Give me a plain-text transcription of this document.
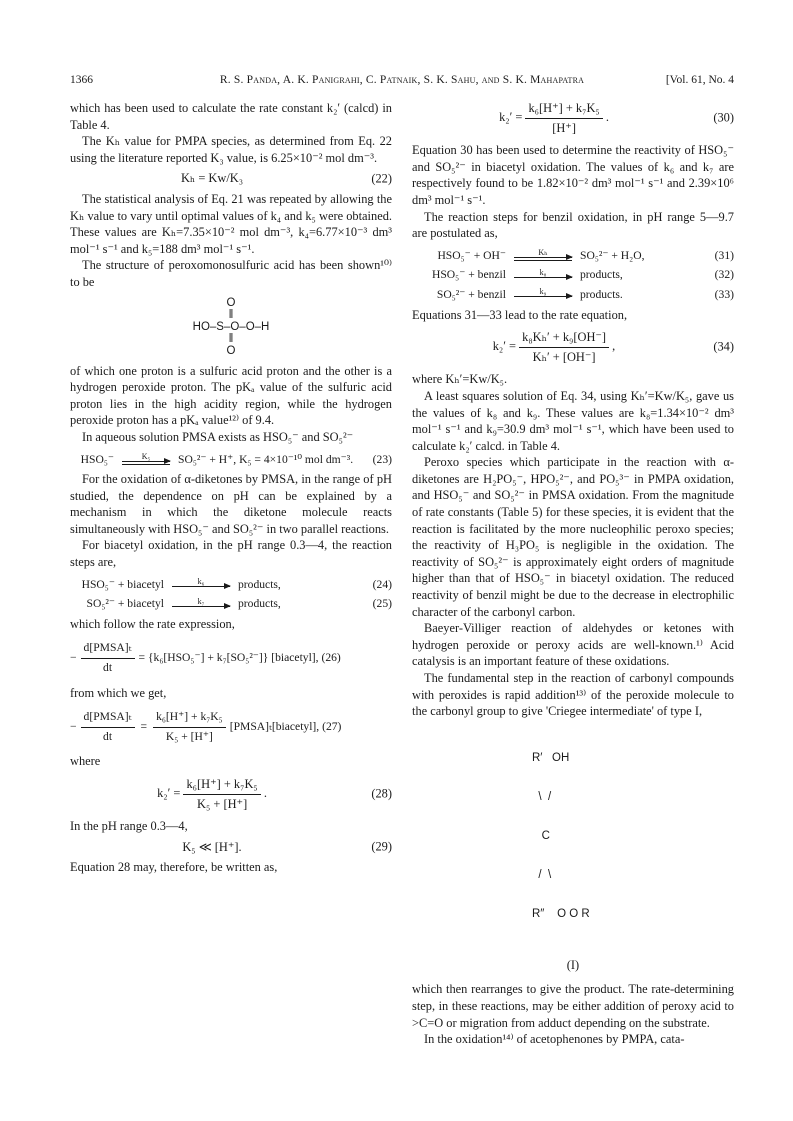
1366	R. S. Panda, A. K. Panigrahi, C. Patnaik, S. K. Sahu, and S. K. Mahapatra	[Vol. 61, No. 4

which has been used to calculate the rate constant k₂′ (calcd) in Table 4.

The Kₕ value for PMPA species, as determined from Eq. 22 using the literature reported K₃ value, is 6.25×10⁻² mol dm⁻³.

Kₕ = Kw/K₃	(22)

The statistical analysis of Eq. 21 was repeated by allowing the Kₕ value to vary until optimal values of k₄ and k₅ were obtained. These values are Kₕ=7.35×10⁻² mol dm⁻³, k₄=6.77×10⁻³ dm³ mol⁻¹ s⁻¹ and k₅=188 dm³ mol⁻¹ s⁻¹.

The structure of peroxomonosulfuric acid has been shown¹⁰⁾ to be

O
ǁ
HO–S–O–O–H
ǁ
O

of which one proton is a sulfuric acid proton and the other is a hydrogen peroxide proton. The pKₐ value of the sulfuric acid proton lies in the high acidity region, while the hydrogen peroxide proton has a pKₐ value¹²⁾ of 9.4.

In aqueous solution PMSA exists as HSO₅⁻ and SO₅²⁻

HSO₅⁻	K₅	SO₅²⁻ + H⁺, K₅ = 4×10⁻¹⁰ mol dm⁻³.	(23)

For the oxidation of α-diketones by PMSA, in the range of pH studied, the dependence on pH can be explained by a mechanism in which the diketone molecule reacts simultaneously with HSO₅⁻ and SO₅²⁻ in two parallel reactions.

For biacetyl oxidation, in the pH range 0.3—4, the reaction steps are,

HSO₅⁻ + biacetyl	k₆	products,	(24)
SO₅²⁻ + biacetyl	k₇	products,	(25)

which follow the rate expression,

− $\frac{\text{d[PMSA]ₜ}}{dt} = \{k_6[HSO_5^-] + k_7[SO_5^{2-}]\}$ [biacetyl], (26)

from which we get,

− $\frac{\text{d[PMSA]ₜ}}{dt} = \frac{\text{k₆[H⁺] + k₇K₅}}{\text{K₅ + [H⁺]}}$ [PMSA]ₜ[biacetyl], (27)

where

$k_2' = \frac{\text{k₆[H⁺] + k₇K₅}}{\text{K₅ + [H⁺]}}$ .	(28)

In the pH range 0.3—4,

K₅ ≪ [H⁺].	(29)

Equation 28 may, therefore, be written as,

$k_2' = \frac{\text{k₆[H⁺] + k₇K₅}}{[H^+]}$ .	(30)

Equation 30 has been used to determine the reactivity of HSO₅⁻ and SO₅²⁻ in biacetyl oxidation. The values of k₆ and k₇ are respectively found to be 1.82×10⁻² dm³ mol⁻¹ s⁻¹ and 2.39×10⁶ dm³ mol⁻¹ s⁻¹.

The reaction steps for benzil oxidation, in pH range 5—9.7 are postulated as,

HSO₅⁻ + OH⁻	Kₕ	SO₅²⁻ + H₂O,	(31)
HSO₅⁻ + benzil	k₈	products,	(32)
SO₅²⁻ + benzil	k₉	products.	(33)

Equations 31—33 lead to the rate equation,

$k_2' = \frac{\text{k₈Kₕ′ + k₉[OH⁻]}}{\text{Kₕ′ + [OH⁻]}}$ ,	(34)

where Kₕ′=Kw/K₅.

A least squares solution of Eq. 34, using Kₕ′=Kw/K₅, gave us the values of k₈ and k₉. These values are k₈=1.34×10⁻² dm³ mol⁻¹ s⁻¹ and k₉=30.9 dm³ mol⁻¹ s⁻¹, which have been used to calculate k₂′ calcd. in Table 4.

Peroxo species which participate in the reaction with α-diketones are H₂PO₅⁻, HPO₅²⁻, and PO₅³⁻ in PMPA oxidation, and HSO₅⁻ and SO₅²⁻ in PMSA oxidation. From the magnitude of rate constants (Table 5) for these species, it is evident that the reaction is facilitated by the more nucleophilic peroxo species; the reactivity of H₃PO₅ is negligible in the oxidation. The reactivity of SO₅²⁻ is approximately eight orders of magnitude higher than that of HSO₅⁻ in biacetyl oxidation. The reduced reactivity of benzil might be due to the decrease in electrophilic character of the carbonyl carbon.

Baeyer-Villiger reaction of aldehydes or ketones with hydrogen peroxide or peroxy acids are well-known.¹⁾ Acid catalysis is an important feature of these oxidations.

The fundamental step in the reaction of carbonyl compounds with peroxides is rapid addition¹³⁾ of the peroxide molecule to the carbonyl group to give 'Criegee intermediate' of type I,

R′   OH

\  /

C

/  \

R″    O O R

(I)

which then rearranges to give the product. The rate-determining step, in these reactions, may be either addition of peroxy acid to >C=O or migration from adduct depending on the substrate.

In the oxidation¹⁴⁾ of acetophenones by PMPA, cata-
